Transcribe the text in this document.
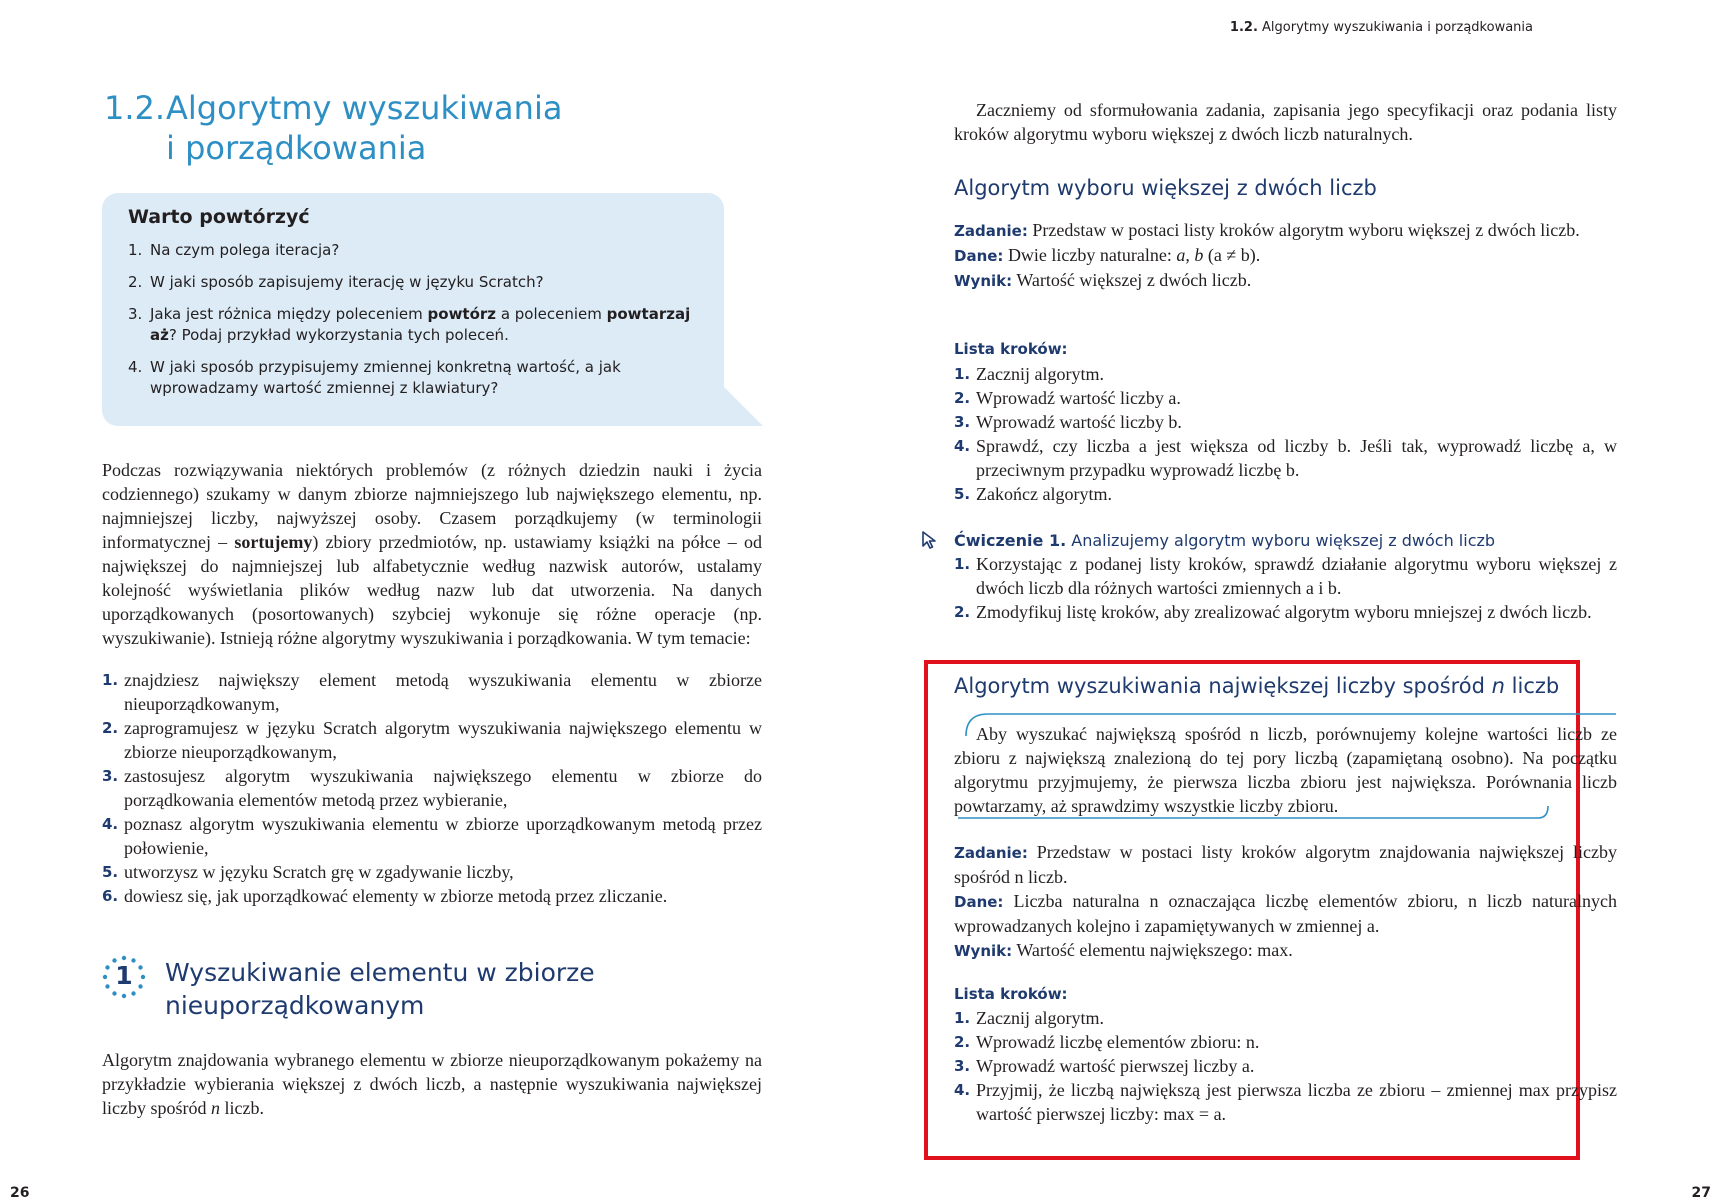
1.2. Algorytmy wyszukiwania i porządkowania
1.2.Algorytmy wyszukiwania
i porządkowania
Warto powtórzyć
1. Na czym polega iteracja?
2. W jaki sposób zapisujemy iterację w języku Scratch?
3. Jaka jest różnica między poleceniem powtórz a poleceniem powtarzaj aż? Podaj przykład wykorzystania tych poleceń.
4. W jaki sposób przypisujemy zmiennej konkretną wartość, a jak wprowadzamy wartość zmiennej z klawiatury?
Podczas rozwiązywania niektórych problemów (z różnych dziedzin nauki i życia codziennego) szukamy w danym zbiorze najmniejszego lub największego elementu, np. najmniejszej liczby, najwyższej osoby. Czasem porządkujemy (w terminologii informatycznej – sortujemy) zbiory przedmiotów, np. ustawiamy książki na półce – od największej do najmniejszej lub alfabetycznie według nazwisk autorów, ustalamy kolejność wyświetlania plików według nazw lub dat utworzenia. Na danych uporządkowanych (posortowanych) szybciej wykonuje się różne operacje (np. wyszukiwanie). Istnieją różne algorytmy wyszukiwania i porządkowania. W tym temacie:
1. znajdziesz największy element metodą wyszukiwania elementu w zbiorze nieuporządkowanym,
2. zaprogramujesz w języku Scratch algorytm wyszukiwania największego elementu w zbiorze nieuporządkowanym,
3. zastosujesz algorytm wyszukiwania największego elementu w zbiorze do porządkowania elementów metodą przez wybieranie,
4. poznasz algorytm wyszukiwania elementu w zbiorze uporządkowanym metodą przez połowienie,
5. utworzysz w języku Scratch grę w zgadywanie liczby,
6. dowiesz się, jak uporządkować elementy w zbiorze metodą przez zliczanie.
1	Wyszukiwanie elementu w zbiorze
nieuporządkowanym
Algorytm znajdowania wybranego elementu w zbiorze nieuporządkowanym pokażemy na przykładzie wybierania większej z dwóch liczb, a następnie wyszukiwania największej liczby spośród n liczb.
26
Zaczniemy od sformułowania zadania, zapisania jego specyfikacji oraz podania listy kroków algorytmu wyboru większej z dwóch liczb naturalnych.
Algorytm wyboru większej z dwóch liczb
Zadanie: Przedstaw w postaci listy kroków algorytm wyboru większej z dwóch liczb.
Dane: Dwie liczby naturalne: a, b (a ≠ b).
Wynik: Wartość większej z dwóch liczb.
Lista kroków:
1. Zacznij algorytm.
2. Wprowadź wartość liczby a.
3. Wprowadź wartość liczby b.
4. Sprawdź, czy liczba a jest większa od liczby b. Jeśli tak, wyprowadź liczbę a, w przeciwnym przypadku wyprowadź liczbę b.
5. Zakończ algorytm.
Ćwiczenie 1. Analizujemy algorytm wyboru większej z dwóch liczb
1. Korzystając z podanej listy kroków, sprawdź działanie algorytmu wyboru większej z dwóch liczb dla różnych wartości zmiennych a i b.
2. Zmodyfikuj listę kroków, aby zrealizować algorytm wyboru mniejszej z dwóch liczb.
Algorytm wyszukiwania największej liczby spośród n liczb
Aby wyszukać największą spośród n liczb, porównujemy kolejne wartości liczb ze zbioru z największą znalezioną do tej pory liczbą (zapamiętaną osobno). Na początku algorytmu przyjmujemy, że pierwsza liczba zbioru jest największa. Porównania liczb powtarzamy, aż sprawdzimy wszystkie liczby zbioru.
Zadanie: Przedstaw w postaci listy kroków algorytm znajdowania największej liczby spośród n liczb.
Dane: Liczba naturalna n oznaczająca liczbę elementów zbioru, n liczb naturalnych wprowadzanych kolejno i zapamiętywanych w zmiennej a.
Wynik: Wartość elementu największego: max.
Lista kroków:
1. Zacznij algorytm.
2. Wprowadź liczbę elementów zbioru: n.
3. Wprowadź wartość pierwszej liczby a.
4. Przyjmij, że liczbą największą jest pierwsza liczba ze zbioru – zmiennej max przypisz wartość pierwszej liczby: max = a.
27
